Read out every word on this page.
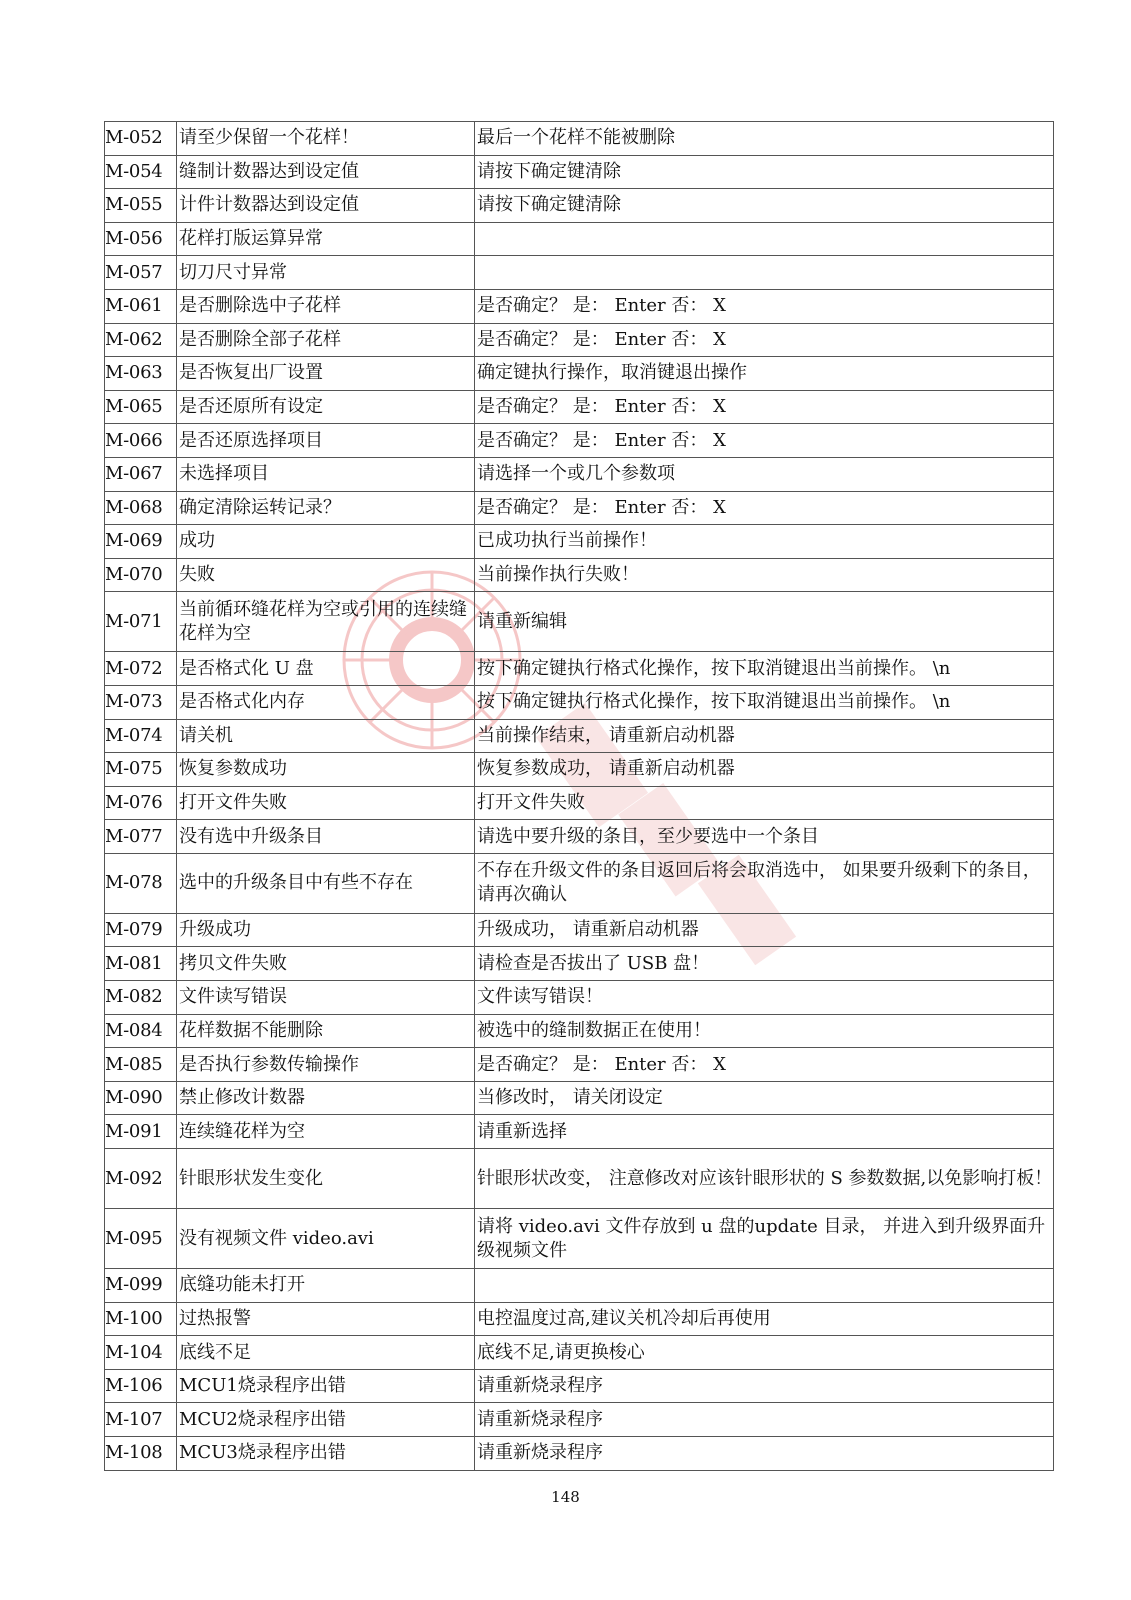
M-052	请至少保留一个花样！	最后一个花样不能被删除
M-054	缝制计数器达到设定值	请按下确定键清除
M-055	计件计数器达到设定值	请按下确定键清除
M-056	花样打版运算异常	
M-057	切刀尺寸异常	
M-061	是否删除选中子花样	是否确定？ 是： Enter 否： X
M-062	是否删除全部子花样	是否确定？ 是： Enter 否： X
M-063	是否恢复出厂设置	确定键执行操作，取消键退出操作
M-065	是否还原所有设定	是否确定？ 是： Enter 否： X
M-066	是否还原选择项目	是否确定？ 是： Enter 否： X
M-067	未选择项目	请选择一个或几个参数项
M-068	确定清除运转记录？	是否确定？ 是： Enter 否： X
M-069	成功	已成功执行当前操作！
M-070	失败	当前操作执行失败！
M-071	当前循环缝花样为空或引用的连续缝花样为空	请重新编辑
M-072	是否格式化 U 盘	按下确定键执行格式化操作，按下取消键退出当前操作。 \n
M-073	是否格式化内存	按下确定键执行格式化操作，按下取消键退出当前操作。 \n
M-074	请关机	当前操作结束， 请重新启动机器
M-075	恢复参数成功	恢复参数成功， 请重新启动机器
M-076	打开文件失败	打开文件失败
M-077	没有选中升级条目	请选中要升级的条目，至少要选中一个条目
M-078	选中的升级条目中有些不存在	不存在升级文件的条目返回后将会取消选中， 如果要升级剩下的条目， 请再次确认
M-079	升级成功	升级成功， 请重新启动机器
M-081	拷贝文件失败	请检查是否拔出了 USB 盘！
M-082	文件读写错误	文件读写错误！
M-084	花样数据不能删除	被选中的缝制数据正在使用！
M-085	是否执行参数传输操作	是否确定？ 是： Enter 否： X
M-090	禁止修改计数器	当修改时， 请关闭设定
M-091	连续缝花样为空	请重新选择
M-092	针眼形状发生变化	针眼形状改变， 注意修改对应该针眼形状的 S 参数数据,以免影响打板！
M-095	没有视频文件 video.avi	请将 video.avi 文件存放到 u 盘的update 目录， 并进入到升级界面升级视频文件
M-099	底缝功能未打开	
M-100	过热报警	电控温度过高,建议关机冷却后再使用
M-104	底线不足	底线不足,请更换梭心
M-106	MCU1烧录程序出错	请重新烧录程序
M-107	MCU2烧录程序出错	请重新烧录程序
M-108	MCU3烧录程序出错	请重新烧录程序
148
